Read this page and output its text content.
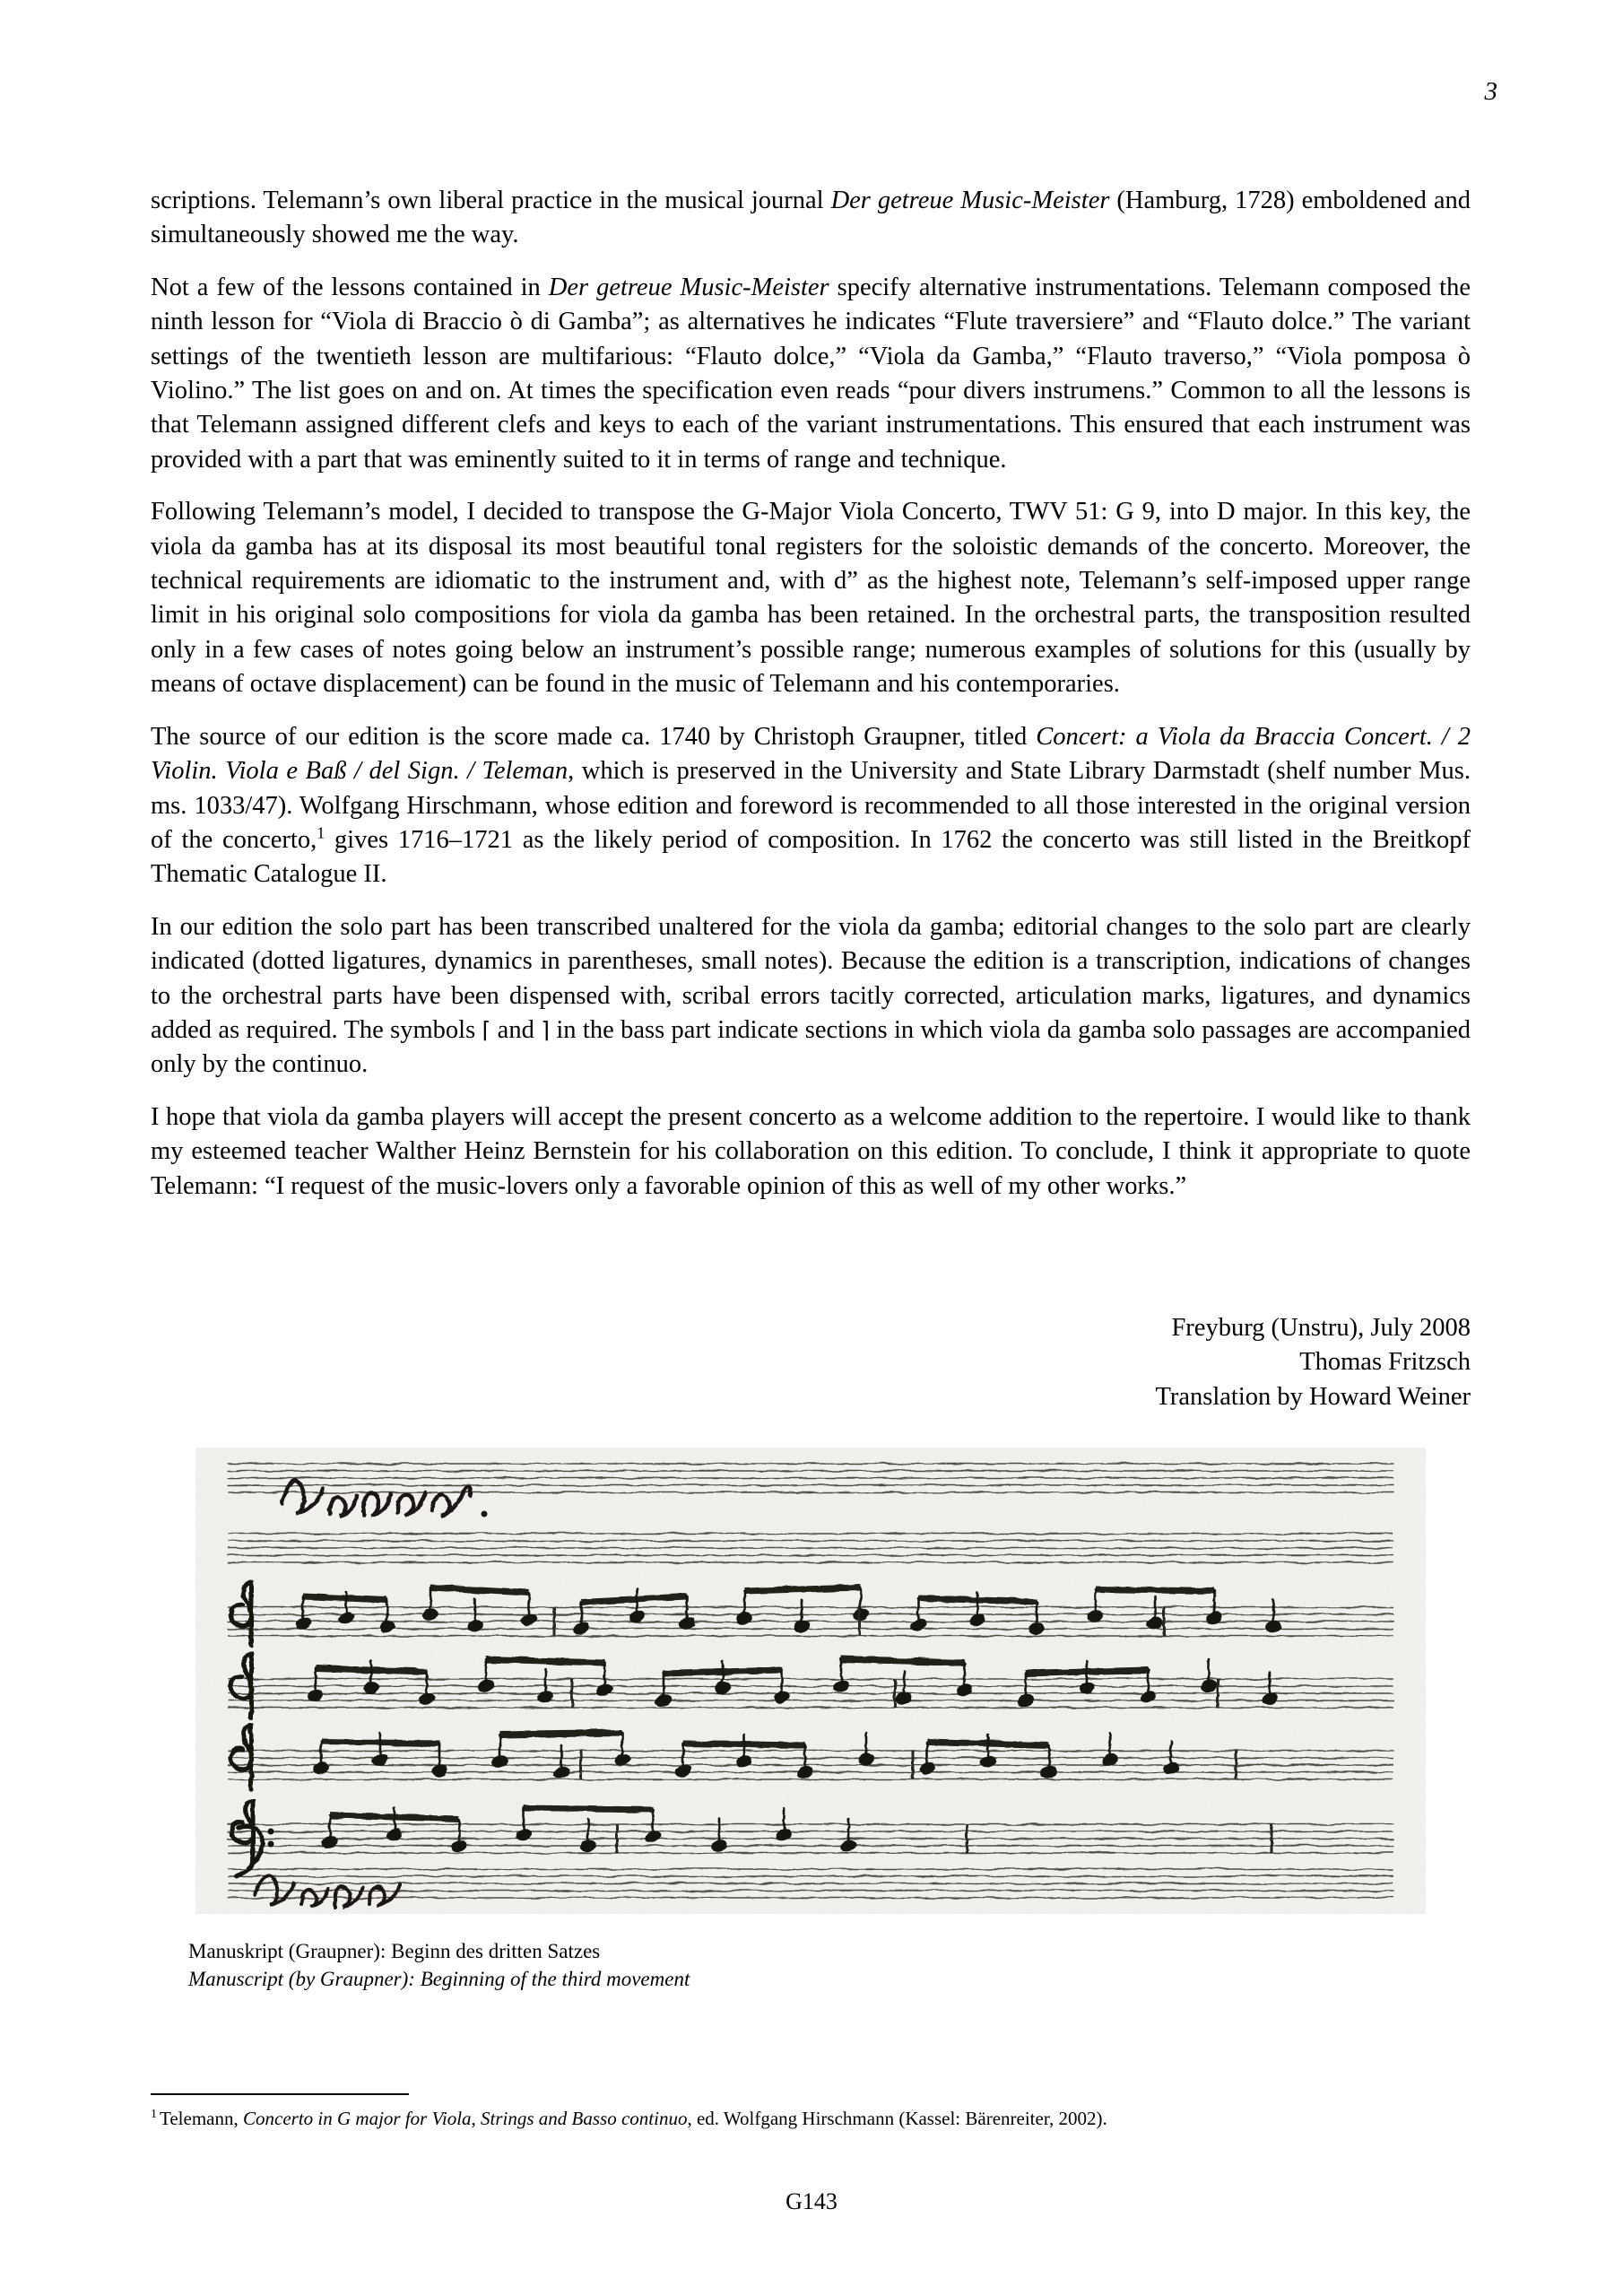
3

scriptions. Telemann’s own liberal practice in the musical journal Der getreue Music-Meister (Hamburg, 1728) emboldened and simultaneously showed me the way.

Not a few of the lessons contained in Der getreue Music-Meister specify alternative instrumentations. Telemann composed the ninth lesson for “Viola di Braccio ò di Gamba”; as alternatives he indicates “Flute traversiere” and “Flauto dolce.” The variant settings of the twentieth lesson are multifarious: “Flauto dolce,” “Viola da Gamba,” “Flauto traverso,” “Viola pomposa ò Violino.” The list goes on and on. At times the specification even reads “pour divers instrumens.” Common to all the lessons is that Telemann assigned different clefs and keys to each of the variant instrumentations. This ensured that each instrument was provided with a part that was eminently suited to it in terms of range and technique.

Following Telemann’s model, I decided to transpose the G-Major Viola Concerto, TWV 51: G 9, into D major. In this key, the viola da gamba has at its disposal its most beautiful tonal registers for the soloistic demands of the concerto. Moreover, the technical requirements are idiomatic to the instrument and, with d” as the highest note, Telemann’s self-imposed upper range limit in his original solo compositions for viola da gamba has been retained. In the orchestral parts, the transposition resulted only in a few cases of notes going below an instrument’s possible range; numerous examples of solutions for this (usually by means of octave displacement) can be found in the music of Telemann and his contemporaries.

The source of our edition is the score made ca. 1740 by Christoph Graupner, titled Concert: a Viola da Braccia Concert. / 2 Violin. Viola e Baß / del Sign. / Teleman, which is preserved in the University and State Library Darmstadt (shelf number Mus. ms. 1033/47). Wolfgang Hirschmann, whose edition and foreword is recommended to all those interested in the original version of the concerto,$^1$ gives 1716–1721 as the likely period of composition. In 1762 the concerto was still listed in the Breitkopf Thematic Catalogue II.

In our edition the solo part has been transcribed unaltered for the viola da gamba; editorial changes to the solo part are clearly indicated (dotted ligatures, dynamics in parentheses, small notes). Because the edition is a transcription, indications of changes to the orchestral parts have been dispensed with, scribal errors tacitly corrected, articulation marks, ligatures, and dynamics added as required. The symbols ⌈ and ⌉ in the bass part indicate sections in which viola da gamba solo passages are accompanied only by the continuo.

I hope that viola da gamba players will accept the present concerto as a welcome addition to the repertoire. I would like to thank my esteemed teacher Walther Heinz Bernstein for his collaboration on this edition. To conclude, I think it appropriate to quote Telemann: “I request of the music-lovers only a favorable opinion of this as well of my other works.”

Freyburg (Unstru), July 2008
Thomas Fritzsch
Translation by Howard Weiner
Manuskript (Graupner): Beginn des dritten Satzes
Manuscript (by Graupner): Beginning of the third movement
$^1$ Telemann, Concerto in G major for Viola, Strings and Basso continuo, ed. Wolfgang Hirschmann (Kassel: Bärenreiter, 2002).
G143
